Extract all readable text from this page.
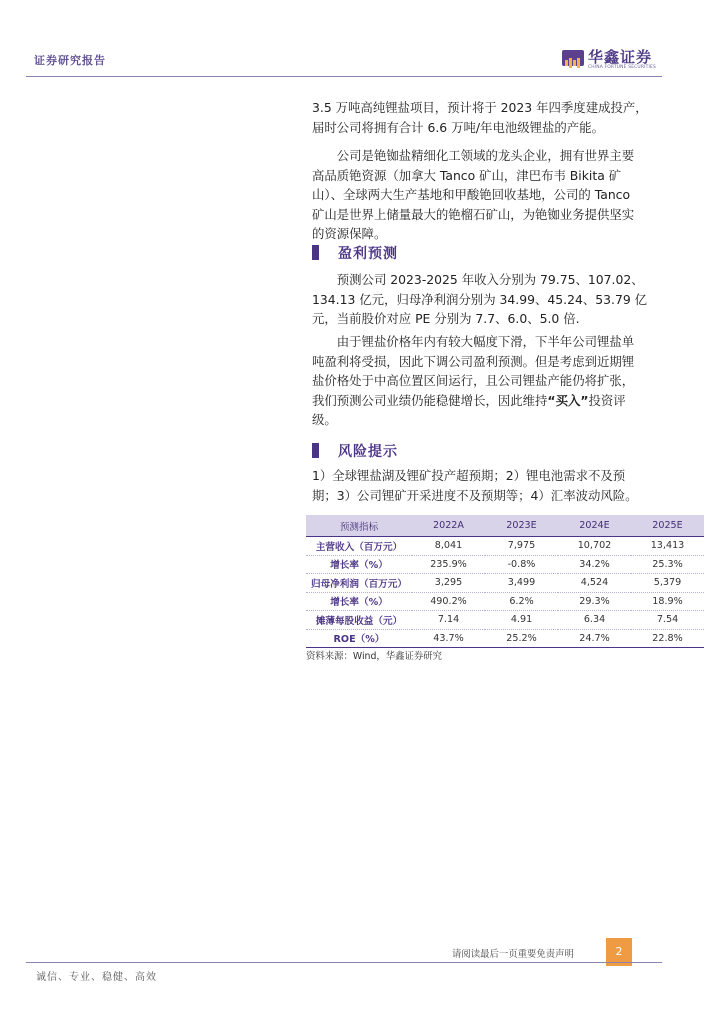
证券研究报告	华鑫证券
CHINA FORTUNE SECURITIES
3.5 万吨高纯锂盐项目，预计将于 2023 年四季度建成投产，
届时公司将拥有合计 6.6 万吨/年电池级锂盐的产能。
　　公司是铯铷盐精细化工领域的龙头企业，拥有世界主要
高品质铯资源（加拿大 Tanco 矿山，津巴布韦 Bikita 矿
山）、全球两大生产基地和甲酸铯回收基地，公司的 Tanco
矿山是世界上储量最大的铯榴石矿山，为铯铷业务提供坚实
的资源保障。
盈利预测
　　预测公司 2023-2025 年收入分别为 79.75、107.02、
134.13 亿元，归母净利润分别为 34.99、45.24、53.79 亿
元，当前股价对应 PE 分别为 7.7、6.0、5.0 倍.
　　由于锂盐价格年内有较大幅度下滑，下半年公司锂盐单
吨盈利将受损，因此下调公司盈利预测。但是考虑到近期锂
盐价格处于中高位置区间运行，且公司锂盐产能仍将扩张，
我们预测公司业绩仍能稳健增长，因此维持“买入”投资评
级。
风险提示
1）全球锂盐湖及锂矿投产超预期；2）锂电池需求不及预
期；3）公司锂矿开采进度不及预期等；4）汇率波动风险。
预测指标	2022A	2023E	2024E	2025E
主营收入（百万元）	8,041	7,975	10,702	13,413
增长率（%）	235.9%	-0.8%	34.2%	25.3%
归母净利润（百万元）	3,295	3,499	4,524	5,379
增长率（%）	490.2%	6.2%	29.3%	18.9%
摊薄每股收益（元）	7.14	4.91	6.34	7.54
ROE（%）	43.7%	25.2%	24.7%	22.8%
资料来源：Wind，华鑫证券研究
请阅读最后一页重要免责声明	2
诚信、专业、稳健、高效
